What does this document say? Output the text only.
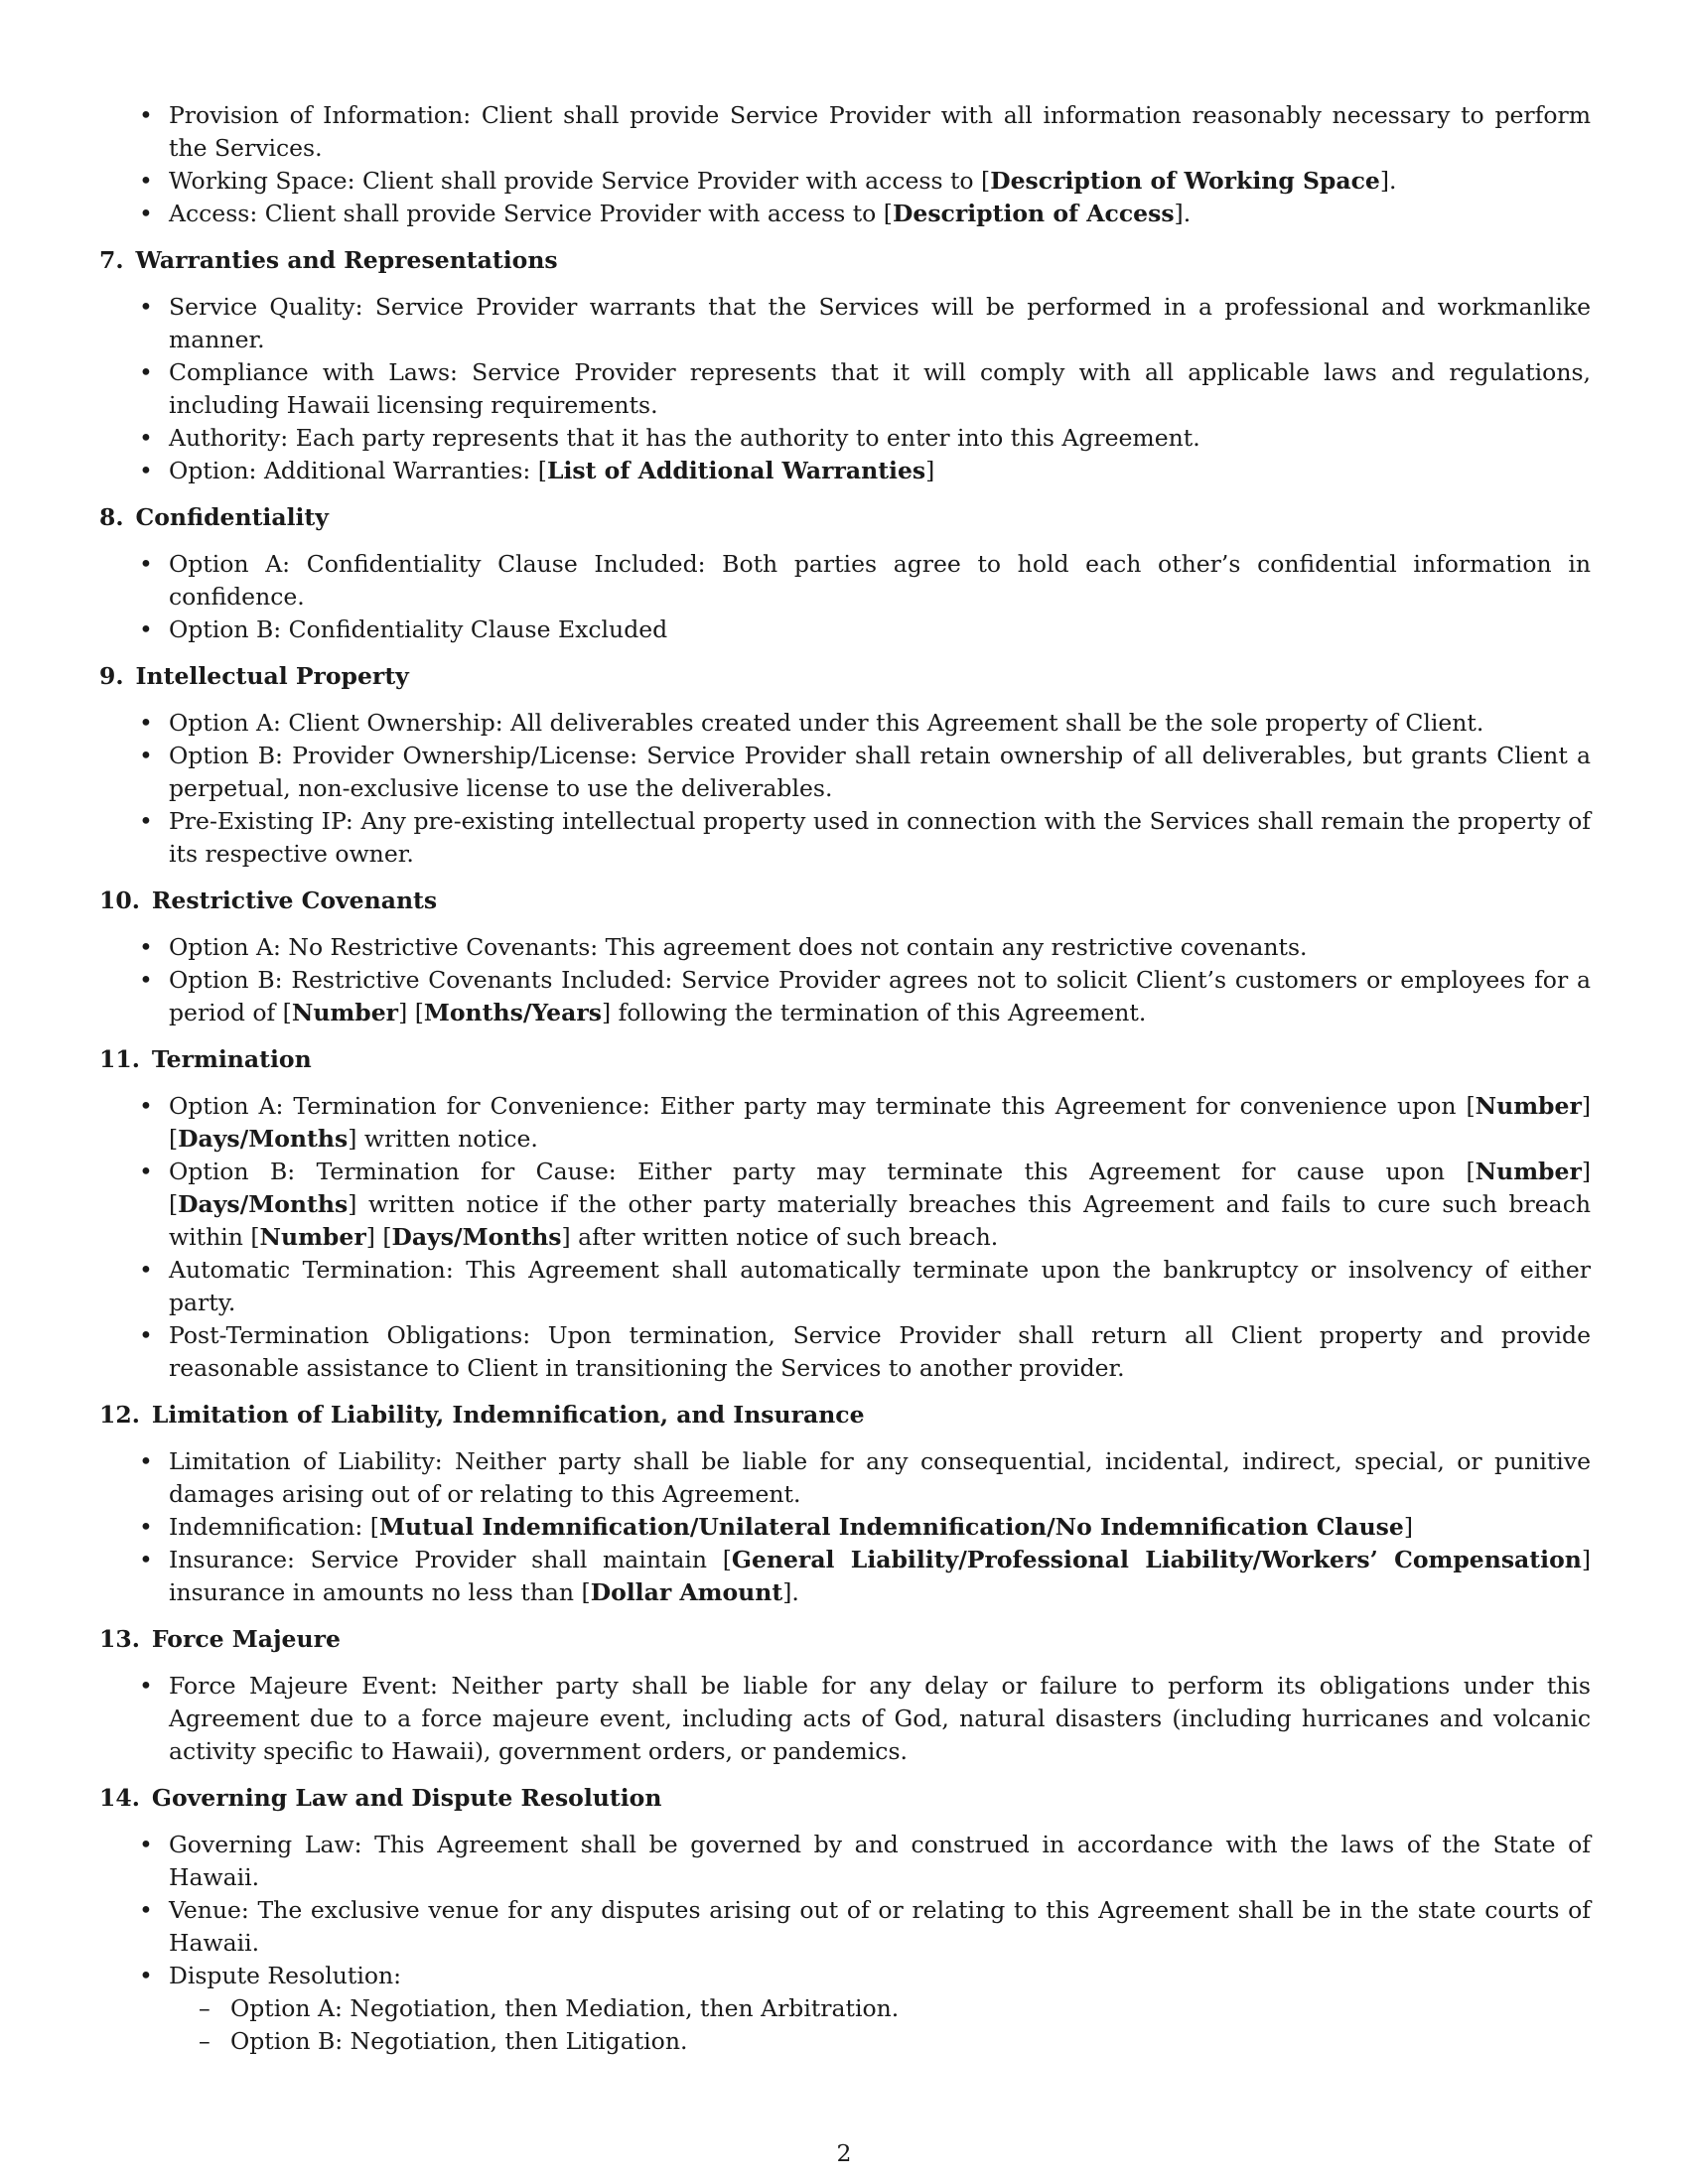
• Provision of Information: Client shall provide Service Provider with all information reasonably necessary to perform the Services.
• Working Space: Client shall provide Service Provider with access to [Description of Working Space].
• Access: Client shall provide Service Provider with access to [Description of Access].
7. Warranties and Representations
• Service Quality: Service Provider warrants that the Services will be performed in a professional and workmanlike manner.
• Compliance with Laws: Service Provider represents that it will comply with all applicable laws and regulations, including Hawaii licensing requirements.
• Authority: Each party represents that it has the authority to enter into this Agreement.
• Option: Additional Warranties: [List of Additional Warranties]
8. Confidentiality
• Option A: Confidentiality Clause Included: Both parties agree to hold each other’s confidential information in confidence.
• Option B: Confidentiality Clause Excluded
9. Intellectual Property
• Option A: Client Ownership: All deliverables created under this Agreement shall be the sole property of Client.
• Option B: Provider Ownership/License: Service Provider shall retain ownership of all deliverables, but grants Client a perpetual, non-exclusive license to use the deliverables.
• Pre-Existing IP: Any pre-existing intellectual property used in connection with the Services shall remain the property of its respective owner.
10. Restrictive Covenants
• Option A: No Restrictive Covenants: This agreement does not contain any restrictive covenants.
• Option B: Restrictive Covenants Included: Service Provider agrees not to solicit Client’s customers or employees for a period of [Number] [Months/Years] following the termination of this Agreement.
11. Termination
• Option A: Termination for Convenience: Either party may terminate this Agreement for convenience upon [Number] [Days/Months] written notice.
• Option B: Termination for Cause: Either party may terminate this Agreement for cause upon [Number] [Days/Months] written notice if the other party materially breaches this Agreement and fails to cure such breach within [Number] [Days/Months] after written notice of such breach.
• Automatic Termination: This Agreement shall automatically terminate upon the bankruptcy or insolvency of either party.
• Post-Termination Obligations: Upon termination, Service Provider shall return all Client property and provide reasonable assistance to Client in transitioning the Services to another provider.
12. Limitation of Liability, Indemnification, and Insurance
• Limitation of Liability: Neither party shall be liable for any consequential, incidental, indirect, special, or punitive damages arising out of or relating to this Agreement.
• Indemnification: [Mutual Indemnification/Unilateral Indemnification/No Indemnification Clause]
• Insurance: Service Provider shall maintain [General Liability/Professional Liability/Workers’ Compensation] insurance in amounts no less than [Dollar Amount].
13. Force Majeure
• Force Majeure Event: Neither party shall be liable for any delay or failure to perform its obligations under this Agreement due to a force majeure event, including acts of God, natural disasters (including hurricanes and volcanic activity specific to Hawaii), government orders, or pandemics.
14. Governing Law and Dispute Resolution
• Governing Law: This Agreement shall be governed by and construed in accordance with the laws of the State of Hawaii.
• Venue: The exclusive venue for any disputes arising out of or relating to this Agreement shall be in the state courts of Hawaii.
• Dispute Resolution:
– Option A: Negotiation, then Mediation, then Arbitration.
– Option B: Negotiation, then Litigation.
2
